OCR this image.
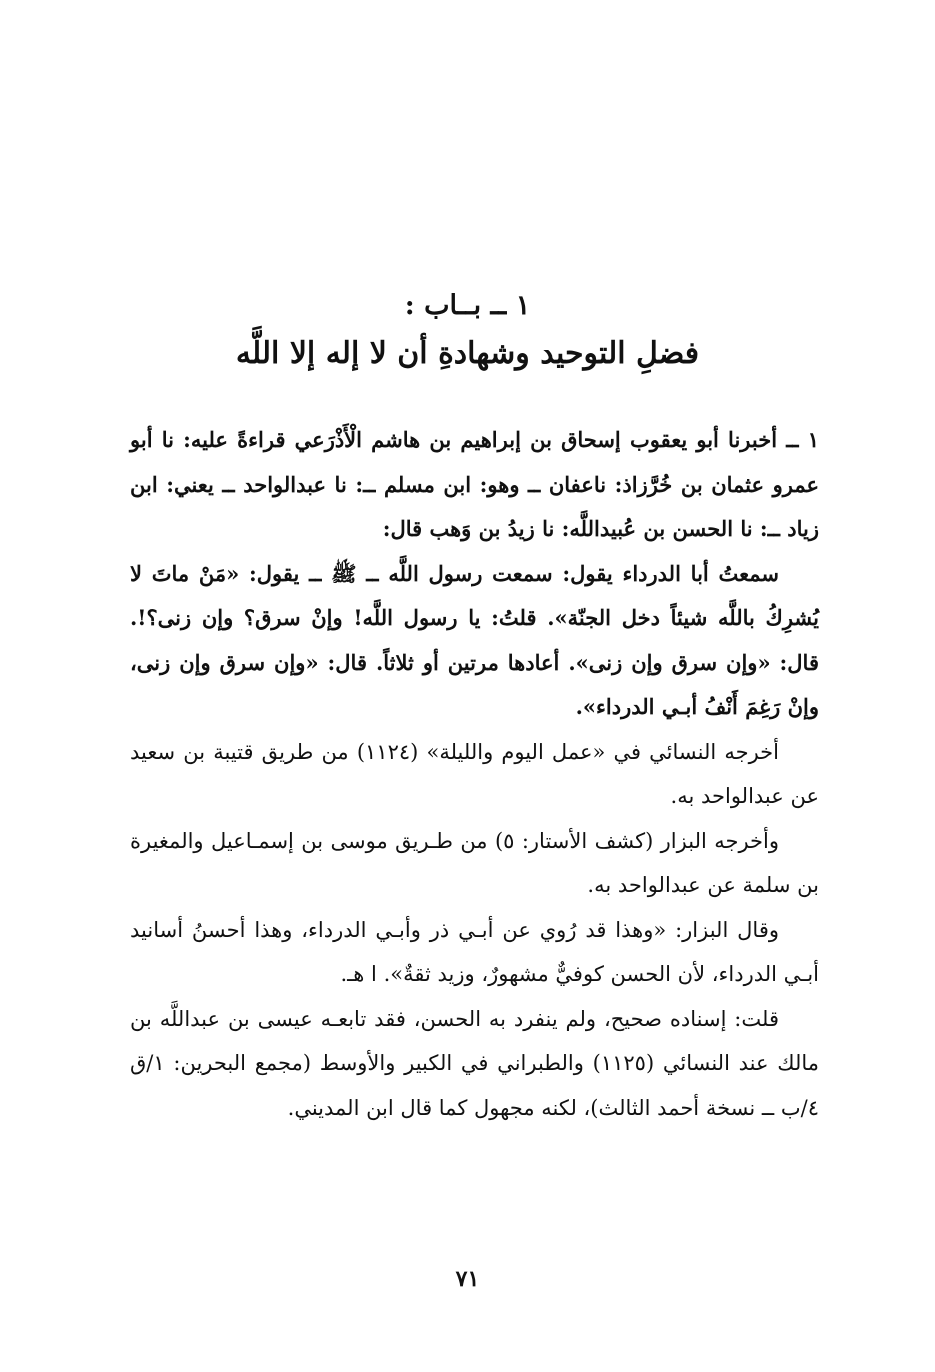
١ ــ بــاب :
فضلِ التوحيد وشهادةِ أن لا إله إلا اللَّه

١ ــ أخبرنا أبو يعقوب إسحاق بن إبراهيم بن هاشم الْأَذْرَعي قراءةً عليه: نا أبو عمرو عثمان بن خُرَّزاذ: ناعفان ــ وهو: ابن مسلم ــ: نا عبدالواحد ــ يعني: ابن زياد ــ: نا الحسن بن عُبيداللَّه: نا زيدُ بن وَهب قال:

سمعتُ أبا الدرداء يقول: سمعت رسول اللَّه ــ ﷺ ــ يقول: «مَنْ ماتَ لا يُشرِكُ باللَّه شيئاً دخل الجنّة». قلتُ: يا رسول اللَّه! وإنْ سرق؟ وإن زنى؟!. قال: «وإن سرق وإن زنى». أعادها مرتين أو ثلاثاً. قال: «وإن سرق وإن زنى، وإنْ رَغِمَ أَنْفُ أبـي الدرداء».

أخرجه النسائي في «عمل اليوم والليلة» (١١٢٤) من طريق قتيبة بن سعيد عن عبدالواحد به.

وأخرجه البزار (كشف الأستار: ٥) من طـريق موسى بن إسمـاعيل والمغيرة بن سلمة عن عبدالواحد به.

وقال البزار: «وهذا قد رُوي عن أبـي ذر وأبـي الدرداء، وهذا أحسنُ أسانيد أبـي الدرداء، لأن الحسن كوفيٌّ مشهورٌ، وزيد ثقةٌ». ا هـ.

قلت: إسناده صحيح، ولم ينفرد به الحسن، فقد تابعـه عيسى بن عبداللَّه بن مالك عند النسائي (١١٢٥) والطبراني في الكبير والأوسط (مجمع البحرين: ١/ق ٤/ب ــ نسخة أحمد الثالث)، لكنه مجهول كما قال ابن المديني.

٧١
